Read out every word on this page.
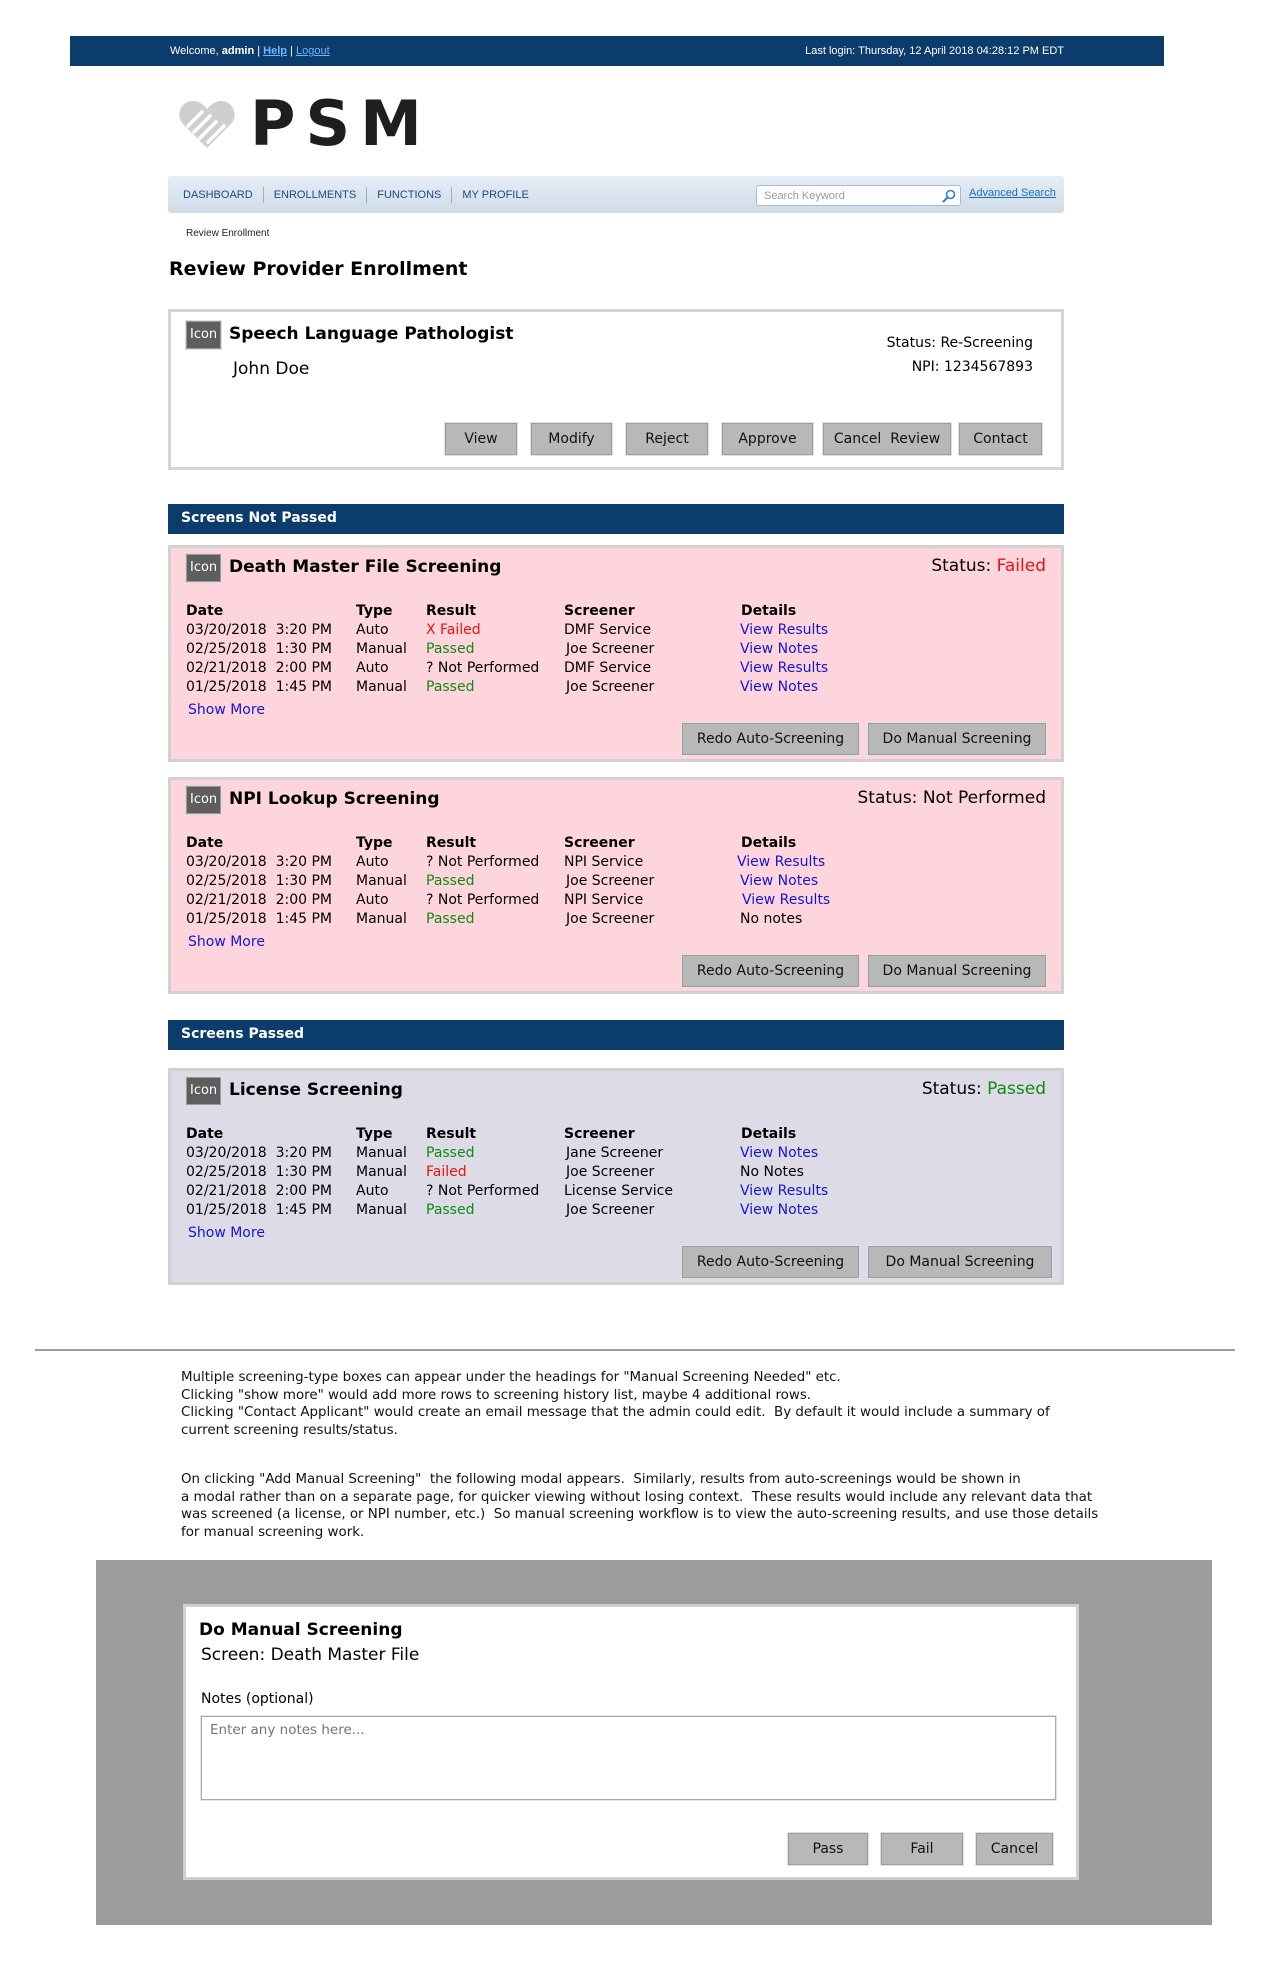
Welcome, admin | Help | Logout	Last login: Thursday, 12 April 2018 04:28:12 PM EDT
PSM
DASHBOARD	ENROLLMENTS	FUNCTIONS	MY PROFILE	Search Keyword	Advanced Search
Review Enrollment
Review Provider Enrollment
Icon Speech Language Pathologist
John Doe
Status: Re-Screening
NPI: 1234567893
View	Modify	Reject	Approve	Cancel  Review	Contact
Screens Not Passed
Icon Death Master File Screening	Status: Failed
Date	Type Result	Screener	Details
03/20/2018  3:20 PM Auto	X Failed	DMF Service	View Results
02/25/2018  1:30 PM Manual Passed	Joe Screener	View Notes
02/21/2018  2:00 PM Auto	? Not Performed DMF Service	View Results
01/25/2018  1:45 PM Manual Passed	Joe Screener	View Notes
Show More
Redo Auto-Screening	Do Manual Screening
Icon NPI Lookup Screening	Status: Not Performed
Date	Type Result	Screener	Details
03/20/2018  3:20 PM Auto	? Not Performed NPI Service	View Results
02/25/2018  1:30 PM Manual Passed	Joe Screener	View Notes
02/21/2018  2:00 PM Auto	? Not Performed NPI Service	View Results
01/25/2018  1:45 PM Manual Passed	Joe Screener	No notes
Show More
Redo Auto-Screening	Do Manual Screening
Screens Passed
Icon License Screening	Status: Passed
Date	Type Result	Screener	Details
03/20/2018  3:20 PM Manual Passed	Jane Screener	View Notes
02/25/2018  1:30 PM Manual Failed	Joe Screener	No Notes
02/21/2018  2:00 PM Auto	? Not Performed License Service	View Results
01/25/2018  1:45 PM Manual Passed	Joe Screener	View Notes
Show More
Redo Auto-Screening	Do Manual Screening
Multiple screening-type boxes can appear under the headings for "Manual Screening Needed" etc.
Clicking "show more" would add more rows to screening history list, maybe 4 additional rows.
Clicking "Contact Applicant" would create an email message that the admin could edit.  By default it would include a summary of
current screening results/status.
On clicking "Add Manual Screening"  the following modal appears.  Similarly, results from auto-screenings would be shown in
a modal rather than on a separate page, for quicker viewing without losing context.  These results would include any relevant data that
was screened (a license, or NPI number, etc.)  So manual screening workflow is to view the auto-screening results, and use those details
for manual screening work.
Do Manual Screening
Screen: Death Master File
Notes (optional)
Enter any notes here...
Pass	Fail	Cancel
